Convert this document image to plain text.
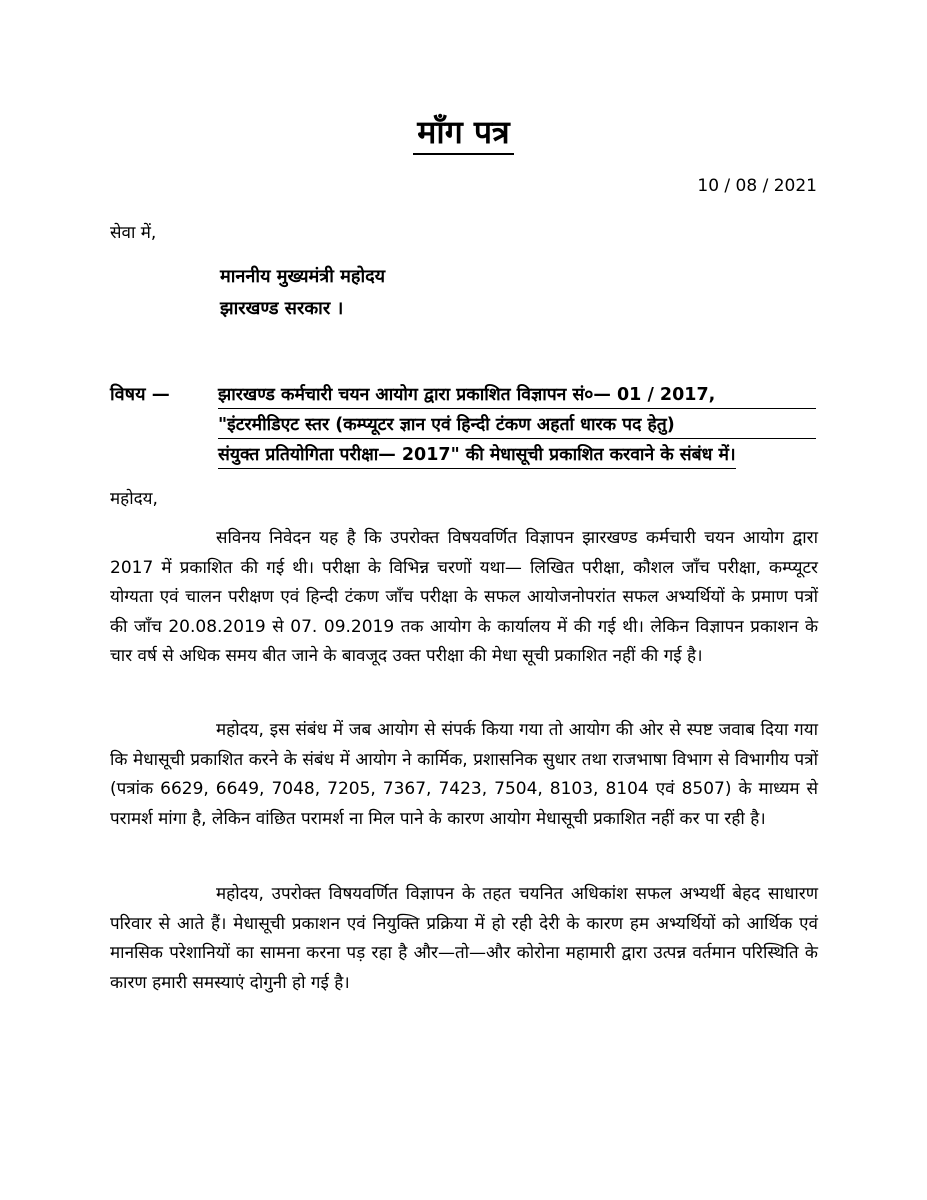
माँग पत्र
10 / 08 / 2021
सेवा में,
माननीय मुख्यमंत्री महोदय
झारखण्ड सरकार ।
विषय —	झारखण्ड कर्मचारी चयन आयोग द्वारा प्रकाशित विज्ञापन सं०— 01 / 2017,
"इंटरमीडिएट स्तर (कम्प्यूटर ज्ञान एवं हिन्दी टंकण अहर्ता धारक पद हेतु)
संयुक्त प्रतियोगिता परीक्षा— 2017" की मेधासूची प्रकाशित करवाने के संबंध में।
महोदय,

सविनय निवेदन यह है कि उपरोक्त विषयवर्णित विज्ञापन झारखण्ड कर्मचारी चयन आयोग द्वारा 2017 में प्रकाशित की गई थी। परीक्षा के विभिन्न चरणों यथा— लिखित परीक्षा, कौशल जाँच परीक्षा, कम्प्यूटर योग्यता एवं चालन परीक्षण एवं हिन्दी टंकण जाँच परीक्षा के सफल आयोजनोपरांत सफल अभ्यर्थियों के प्रमाण पत्रों की जाँच 20.08.2019 से 07. 09.2019 तक आयोग के कार्यालय में की गई थी। लेकिन विज्ञापन प्रकाशन के चार वर्ष से अधिक समय बीत जाने के बावजूद उक्त परीक्षा की मेधा सूची प्रकाशित नहीं की गई है।

महोदय, इस संबंध में जब आयोग से संपर्क किया गया तो आयोग की ओर से स्पष्ट जवाब दिया गया कि मेधासूची प्रकाशित करने के संबंध में आयोग ने कार्मिक, प्रशासनिक सुधार तथा राजभाषा विभाग से विभागीय पत्रों (पत्रांक 6629, 6649, 7048, 7205, 7367, 7423, 7504, 8103, 8104 एवं 8507) के माध्यम से परामर्श मांगा है, लेकिन वांछित परामर्श ना मिल पाने के कारण आयोग मेधासूची प्रकाशित नहीं कर पा रही है।

महोदय, उपरोक्त विषयवर्णित विज्ञापन के तहत चयनित अधिकांश सफल अभ्यर्थी बेहद साधारण परिवार से आते हैं। मेधासूची प्रकाशन एवं नियुक्ति प्रक्रिया में हो रही देरी के कारण हम अभ्यर्थियों को आर्थिक एवं मानसिक परेशानियों का सामना करना पड़ रहा है और—तो—और कोरोना महामारी द्वारा उत्पन्न वर्तमान परिस्थिति के कारण हमारी समस्याएं दोगुनी हो गई है।
